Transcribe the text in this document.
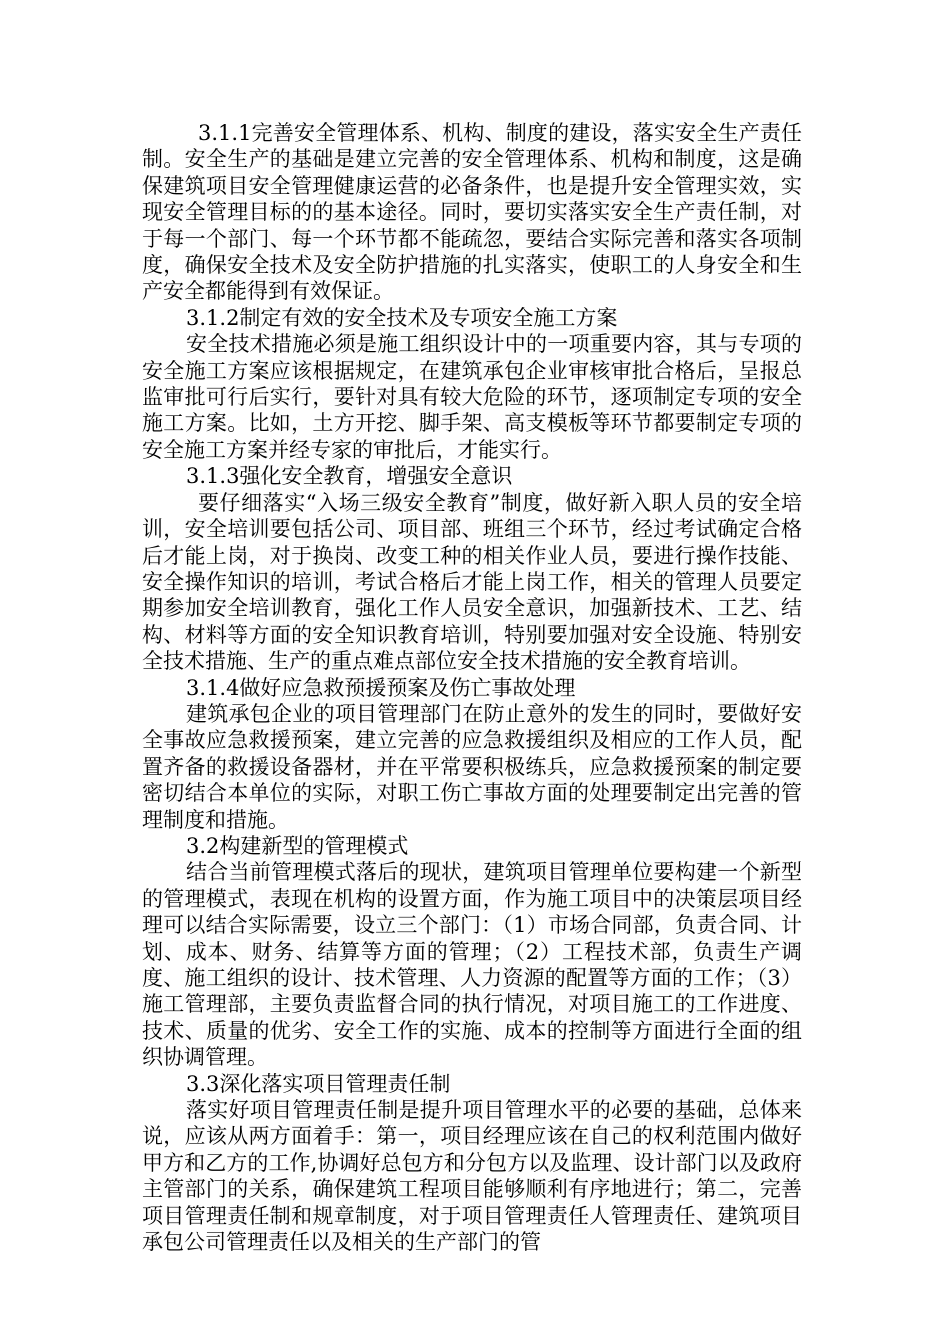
3.1.1完善安全管理体系、机构、制度的建设，落实安全生产责任制。安全生产的基础是建立完善的安全管理体系、机构和制度，这是确保建筑项目安全管理健康运营的必备条件，也是提升安全管理实效，实现安全管理目标的的基本途径。同时，要切实落实安全生产责任制，对于每一个部门、每一个环节都不能疏忽，要结合实际完善和落实各项制度，确保安全技术及安全防护措施的扎实落实，使职工的人身安全和生产安全都能得到有效保证。

3.1.2制定有效的安全技术及专项安全施工方案

安全技术措施必须是施工组织设计中的一项重要内容，其与专项的安全施工方案应该根据规定，在建筑承包企业审核审批合格后，呈报总监审批可行后实行，要针对具有较大危险的环节，逐项制定专项的安全施工方案。比如，土方开挖、脚手架、高支模板等环节都要制定专项的安全施工方案并经专家的审批后，才能实行。

3.1.3强化安全教育，增强安全意识

要仔细落实“入场三级安全教育”制度，做好新入职人员的安全培训，安全培训要包括公司、项目部、班组三个环节，经过考试确定合格后才能上岗，对于换岗、改变工种的相关作业人员，要进行操作技能、安全操作知识的培训，考试合格后才能上岗工作，相关的管理人员要定期参加安全培训教育，强化工作人员安全意识，加强新技术、工艺、结构、材料等方面的安全知识教育培训，特别要加强对安全设施、特别安全技术措施、生产的重点难点部位安全技术措施的安全教育培训。

3.1.4做好应急救预援预案及伤亡事故处理

建筑承包企业的项目管理部门在防止意外的发生的同时，要做好安全事故应急救援预案，建立完善的应急救援组织及相应的工作人员，配置齐备的救援设备器材，并在平常要积极练兵，应急救援预案的制定要密切结合本单位的实际，对职工伤亡事故方面的处理要制定出完善的管理制度和措施。

3.2构建新型的管理模式

结合当前管理模式落后的现状，建筑项目管理单位要构建一个新型的管理模式，表现在机构的设置方面，作为施工项目中的决策层项目经理可以结合实际需要，设立三个部门：（1）市场合同部，负责合同、计划、成本、财务、结算等方面的管理；（2）工程技术部，负责生产调度、施工组织的设计、技术管理、人力资源的配置等方面的工作；（3）施工管理部，主要负责监督合同的执行情况，对项目施工的工作进度、技术、质量的优劣、安全工作的实施、成本的控制等方面进行全面的组织协调管理。

3.3深化落实项目管理责任制

落实好项目管理责任制是提升项目管理水平的必要的基础，总体来说，应该从两方面着手：第一，项目经理应该在自己的权利范围内做好甲方和乙方的工作,协调好总包方和分包方以及监理、设计部门以及政府主管部门的关系，确保建筑工程项目能够顺利有序地进行；第二，完善项目管理责任制和规章制度，对于项目管理责任人管理责任、建筑项目承包公司管理责任以及相关的生产部门的管
